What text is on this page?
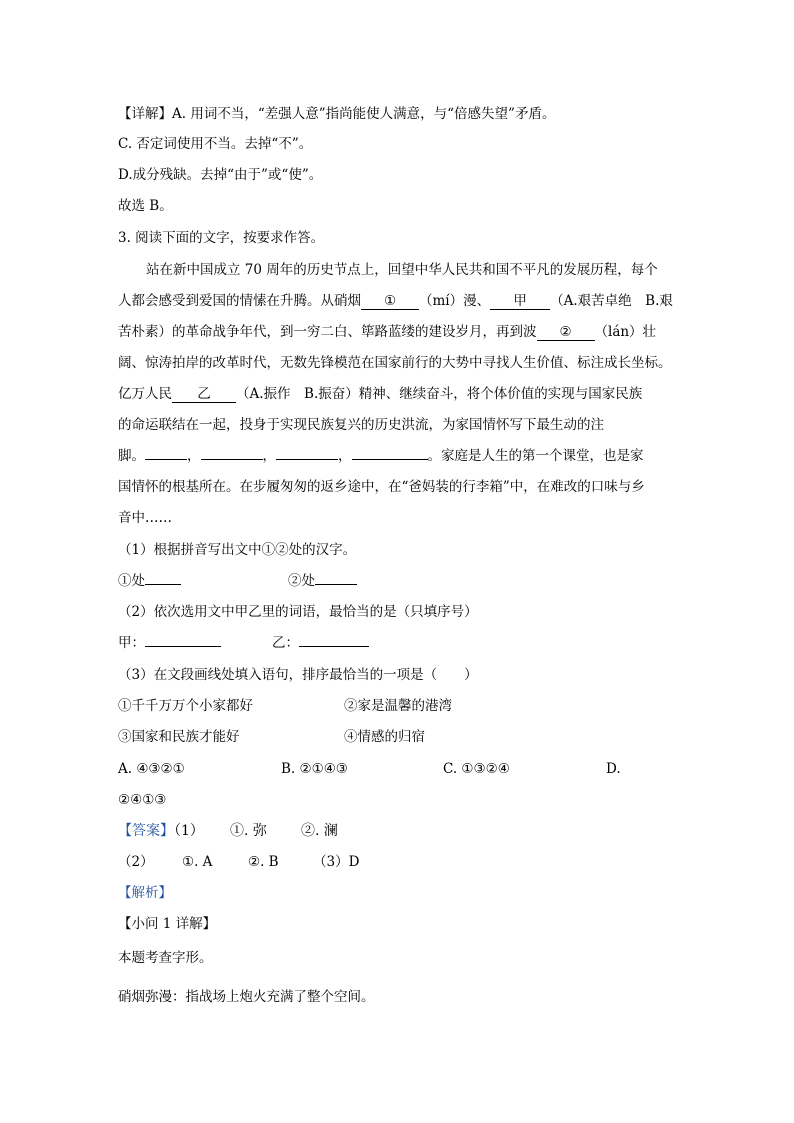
【详解】A. 用词不当，“差强人意”指尚能使人满意，与“倍感失望”矛盾。
C. 否定词使用不当。去掉“不”。
D.成分残缺。去掉“由于”或“使”。
故选 B。
3. 阅读下面的文字，按要求作答。
站在新中国成立 70 周年的历史节点上，回望中华人民共和国不平凡的发展历程，每个
人都会感受到爱国的情愫在升腾。从硝烟 ① （mí）漫、 甲 （A.艰苦卓绝　B.艰
苦朴素）的革命战争年代，到一穷二白、筚路蓝缕的建设岁月，再到波 ② （lán）壮
阔、惊涛拍岸的改革时代，无数先锋模范在国家前行的大势中寻找人生价值、标注成长坐标。
亿万人民 乙 （A.振作　B.振奋）精神、继续奋斗，将个体价值的实现与国家民族
的命运联结在一起，投身于实现民族复兴的历史洪流，为家国情怀写下最生动的注
脚。	，	，	，	。家庭是人生的第一个课堂，也是家
国情怀的根基所在。在步履匆匆的返乡途中，在“爸妈装的行李箱”中，在难改的口味与乡
音中……
（1）根据拼音写出文中①②处的汉字。
①处	②处
（2）依次选用文中甲乙里的词语，最恰当的是（只填序号）
甲：	乙：
（3）在文段画线处填入语句，排序最恰当的一项是（　　）
①千千万万个小家都好	②家是温馨的港湾
③国家和民族才能好	④情感的归宿
A. ④③②①	B. ②①④③	C. ①③②④	D.
②④①③
【答案】（1） ①. 弥 ②. 澜
（2） ①. A	②. B	（3）D
【解析】
【小问 1 详解】
本题考查字形。
硝烟弥漫：指战场上炮火充满了整个空间。
